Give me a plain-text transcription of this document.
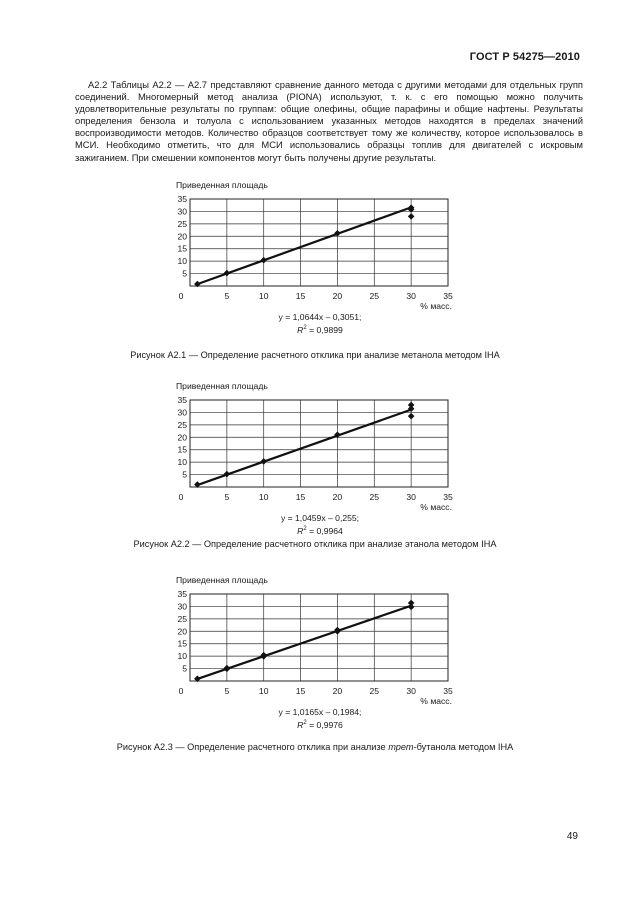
ГОСТ Р 54275—2010

А2.2 Таблицы А2.2 — А2.7 представляют сравнение данного метода с другими методами для отдельных групп соединений. Многомерный метод анализа (PIONA) используют, т. к. с его помощью можно получить удовлетворительные результаты по группам: общие олефины, общие парафины и общие нафтены. Результаты определения бензола и толуола с использованием указанных методов находятся в пределах значений воспроизводимости методов. Количество образцов соответствует тому же количеству, которое использовалось в МСИ. Необходимо отметить, что для МСИ использовались образцы топлив для двигателей с искровым зажиганием. При смешении компонентов могут быть получены другие результаты.

Приведенная площадь
5
10
15
20
25
30
35
0	5	10	15	20	25	30	35
% масс.
y = 1,0644x – 0,3051;
$R^2 = 0,9899$
Рисунок А2.1 — Определение расчетного отклика при анализе метанола методом IHA
Приведенная площадь
5
10
15
20
25
30
35
0	5	10	15	20	25	30	35
% масс.
y = 1,0459x – 0,255;
$R^2 = 0,9964$
Рисунок А2.2 — Определение расчетного отклика при анализе этанола методом IHA
Приведенная площадь
5
10
15
20
25
30
35
0	5	10	15	20	25	30	35
% масс.
y = 1,0165x – 0,1984;
$R^2 = 0,9976$
Рисунок А2.3 — Определение расчетного отклика при анализе трет-бутанола методом IHA
49
